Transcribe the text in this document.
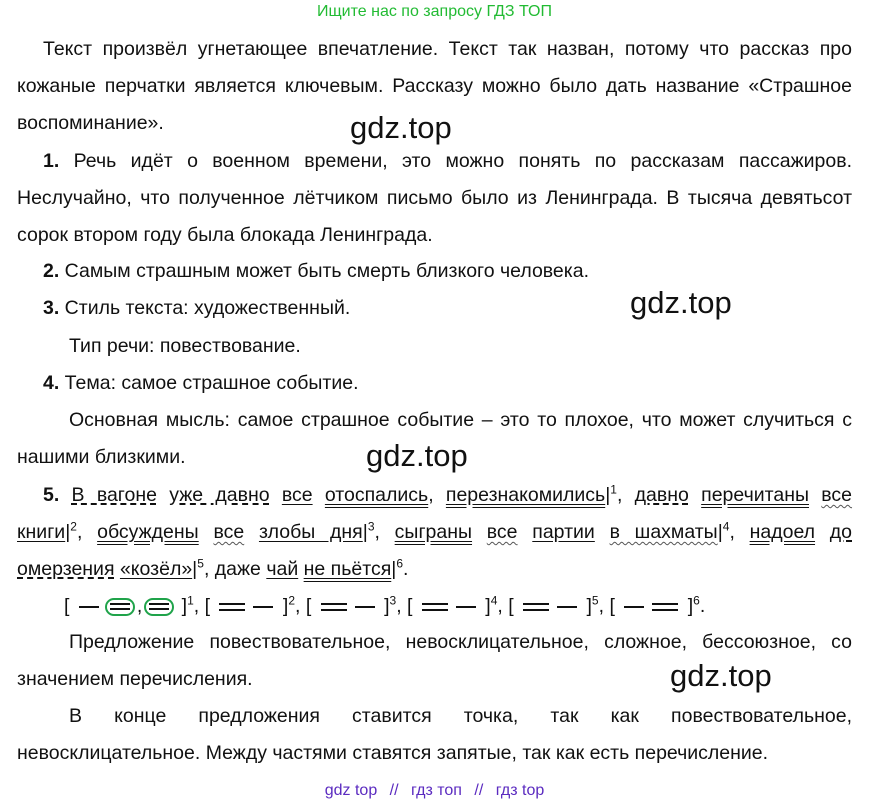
Ищите нас по запросу ГДЗ ТОП

Текст произвёл угнетающее впечатление. Текст так назван, потому что рассказ про кожаные перчатки является ключевым. Рассказу можно было дать название «Страшное воспоминание».

1. Речь идёт о военном времени, это можно понять по рассказам пассажиров. Неслучайно, что полученное лётчиком письмо было из Ленинграда. В тысяча девятьсот сорок втором году была блокада Ленинграда.

2. Самым страшным может быть смерть близкого человека.

3. Стиль текста: художественный.

Тип речи: повествование.

4. Тема: самое страшное событие.

Основная мысль: самое страшное событие – это то плохое, что может случиться с нашими близкими.

5. В вагоне уже давно все отоспались, $перезнакомились|^1$, давно перечитаны все $книги|^2$, обсуждены все злобы $дня|^3$, сыграны все партии в $шахматы|^4$, надоел до омерзения «$козёл»|^5$, даже чай не $пьётся|^6$.

[	, ]$^1$, [	]$^2$, [	]$^3$, [	]$^4$, [	]$^5$, [	]$^6$.

Предложение повествовательное, невосклицательное, сложное, бессоюзное, со значением перечисления.

В конце предложения ставится точка, так как повествовательное, невосклицательное. Между частями ставятся запятые, так как есть перечисление.

gdz.top
gdz.top
gdz.top
gdz.top
gdz top // гдз топ // гдз top
